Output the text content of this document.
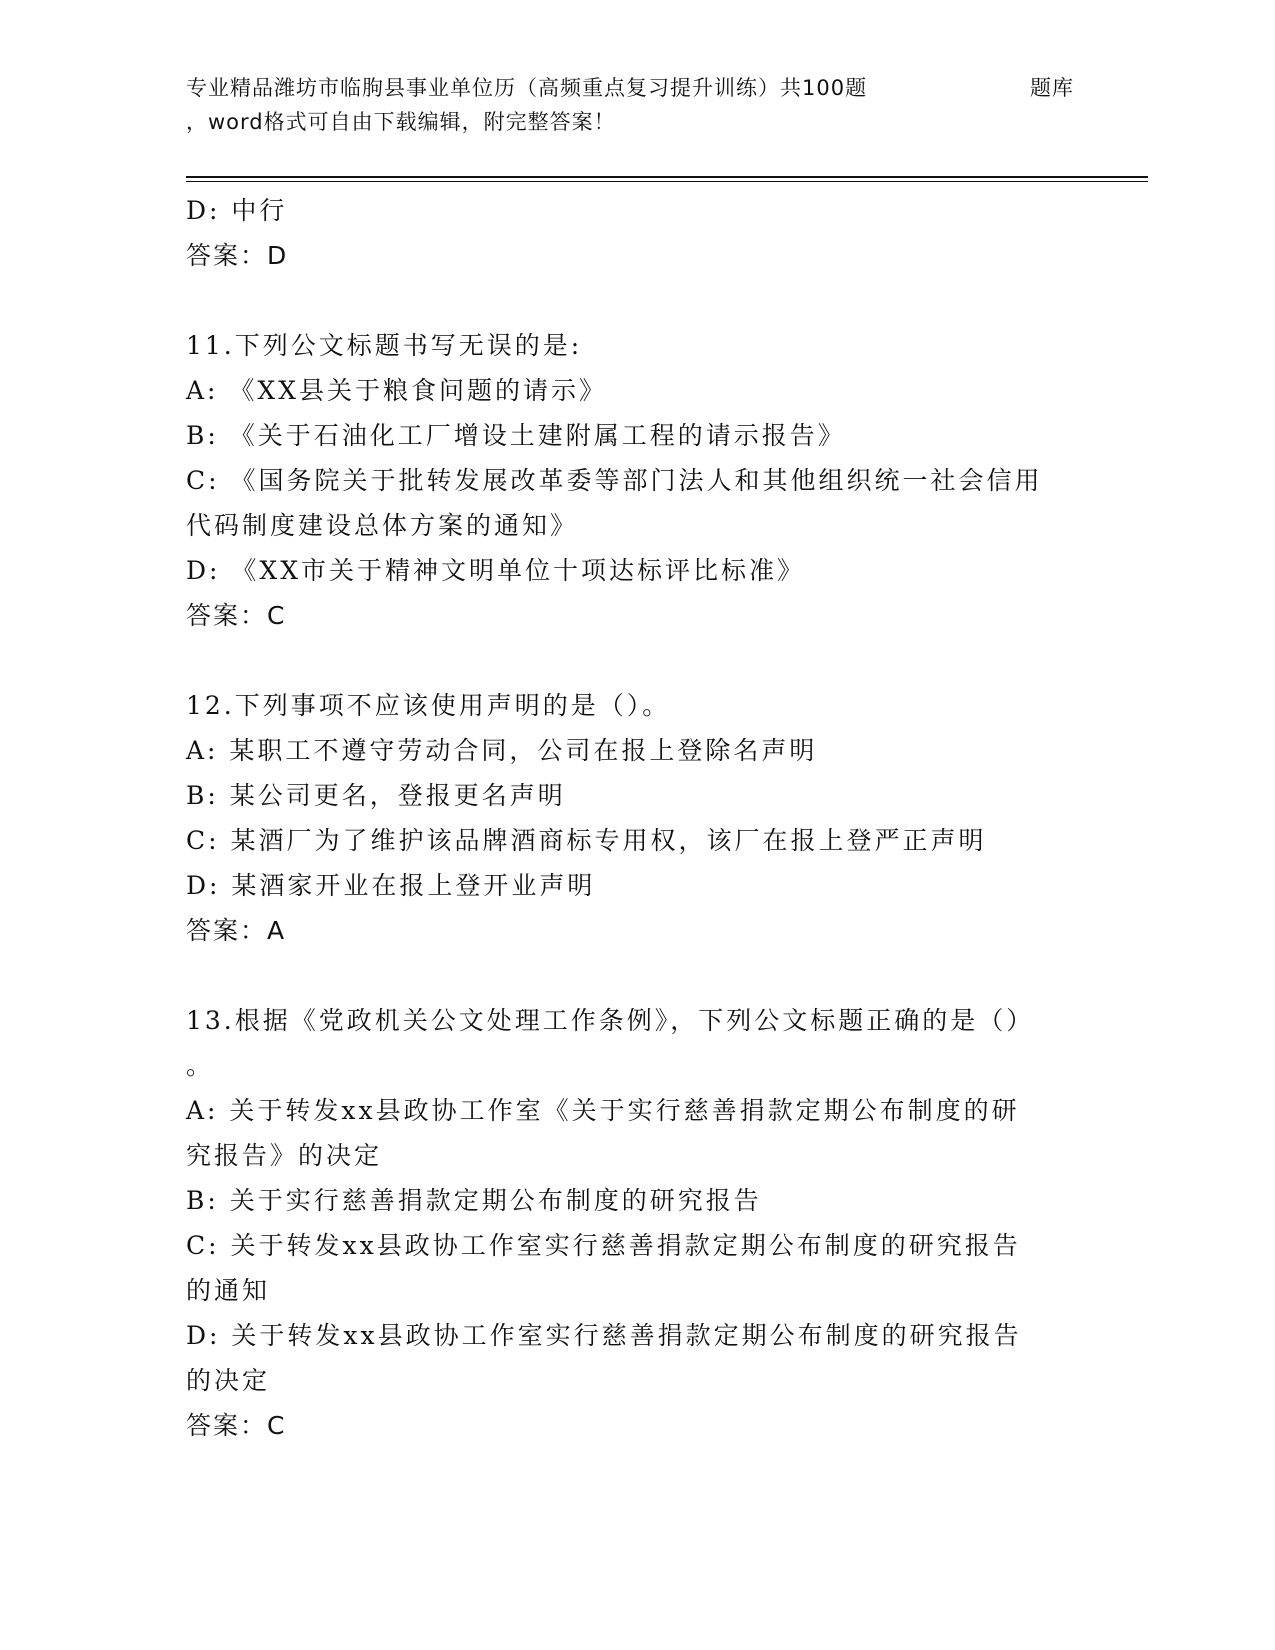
专业精品潍坊市临朐县事业单位历（高频重点复习提升训练）共100题
，word格式可自由下载编辑，附完整答案！
题库
D: 中行
答案：D
11.下列公文标题书写无误的是:
A: 《XX县关于粮食问题的请示》
B: 《关于石油化工厂增设土建附属工程的请示报告》
C: 《国务院关于批转发展改革委等部门法人和其他组织统一社会信用
代码制度建设总体方案的通知》
D: 《XX市关于精神文明单位十项达标评比标准》
答案：C
12.下列事项不应该使用声明的是（）。
A: 某职工不遵守劳动合同，公司在报上登除名声明
B: 某公司更名，登报更名声明
C: 某酒厂为了维护该品牌酒商标专用权，该厂在报上登严正声明
D: 某酒家开业在报上登开业声明
答案：A
13.根据《党政机关公文处理工作条例》，下列公文标题正确的是（）
。
A: 关于转发xx县政协工作室《关于实行慈善捐款定期公布制度的研
究报告》的决定
B: 关于实行慈善捐款定期公布制度的研究报告
C: 关于转发xx县政协工作室实行慈善捐款定期公布制度的研究报告
的通知
D: 关于转发xx县政协工作室实行慈善捐款定期公布制度的研究报告
的决定
答案：C
